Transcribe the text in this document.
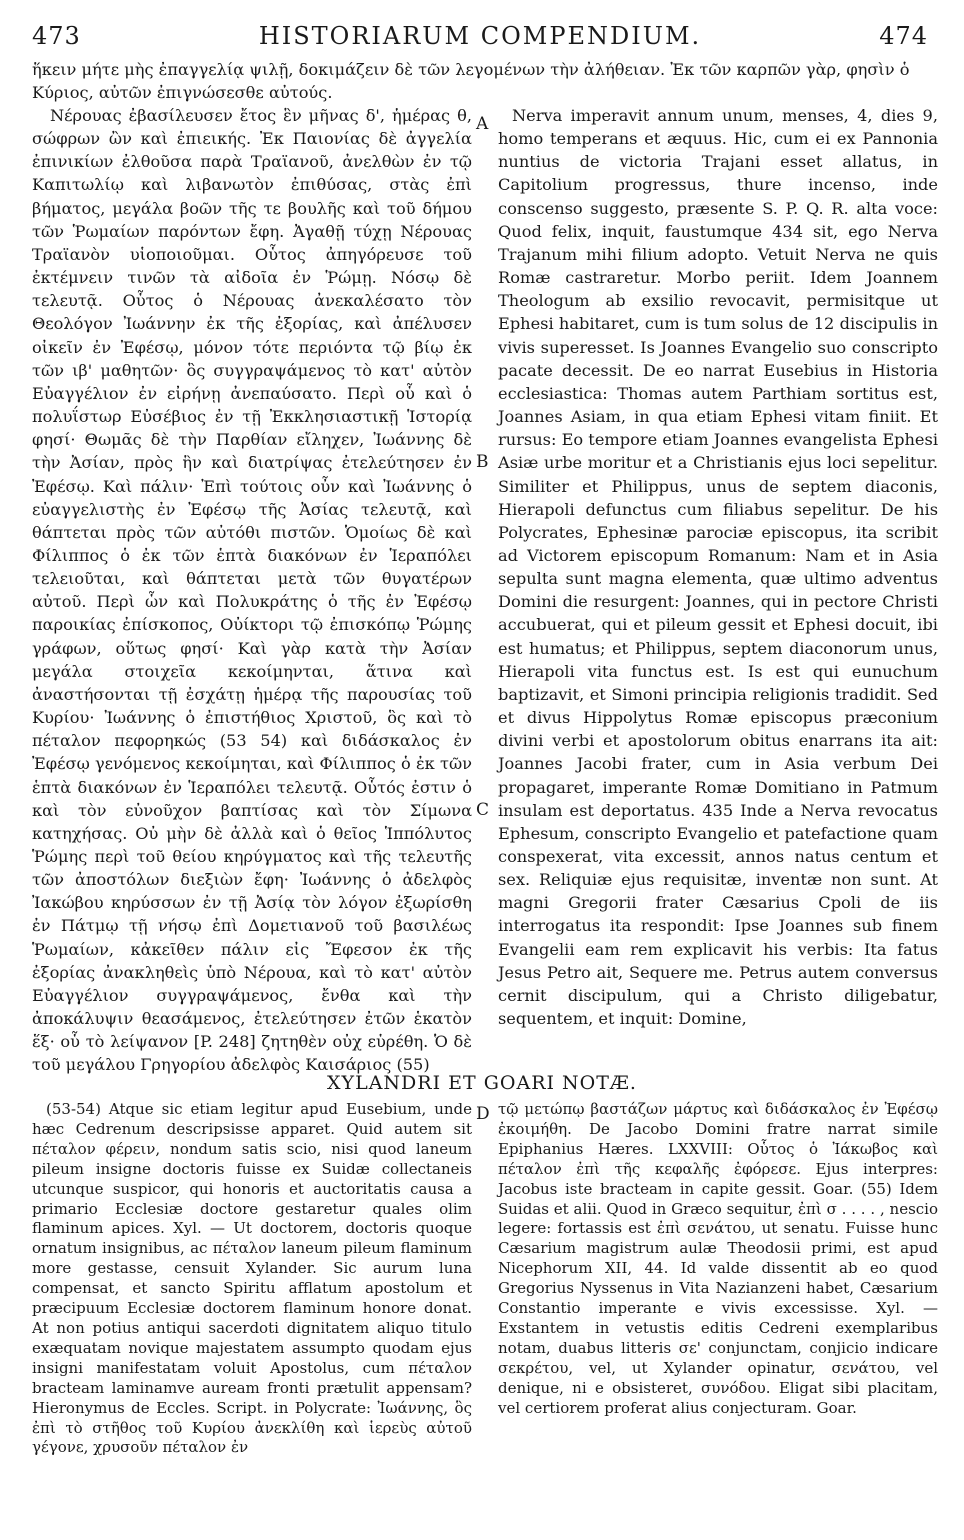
473	HISTORIARUM COMPENDIUM.	474
ἥκειν μήτε μὴς ἐπαγγελίᾳ ψιλῇ, δοκιμάζειν δὲ τῶν λεγομένων τὴν ἀλήθειαν. Ἐκ τῶν καρπῶν γὰρ, φησὶν ὁ Κύριος, αὐτῶν ἐπιγνώσεσθε αὐτούς.

Νέρουας ἐβασίλευσεν ἔτος ἓν μῆνας δ', ἡμέρας θ, σώφρων ὢν καὶ ἐπιεικής. Ἐκ Παιονίας δὲ ἀγγελία ἐπινικίων ἐλθοῦσα παρὰ Τραϊανοῦ, ἀνελθὼν ἐν τῷ Καπιτωλίῳ καὶ λιβανωτὸν ἐπιθύσας, στὰς ἐπὶ βήματος, μεγάλα βοῶν τῆς τε βουλῆς καὶ τοῦ δήμου τῶν Ῥωμαίων παρόντων ἔφη. Ἀγαθῇ τύχῃ Νέρουας Τραϊανὸν υἱοποιοῦμαι. Οὗτος ἀπηγόρευσε τοῦ ἐκτέμνειν τινῶν τὰ αἰδοῖα ἐν Ῥώμῃ. Νόσῳ δὲ τελευτᾷ. Οὗτος ὁ Νέρουας ἀνεκαλέσατο τὸν Θεολόγον Ἰωάννην ἐκ τῆς ἐξορίας, καὶ ἀπέλυσεν οἰκεῖν ἐν Ἐφέσῳ, μόνον τότε περιόντα τῷ βίῳ ἐκ τῶν ιβ' μαθητῶν· ὃς συγγραψάμενος τὸ κατ' αὐτὸν Εὐαγγέλιον ἐν εἰρήνῃ ἀνεπαύσατο. Περὶ οὗ καὶ ὁ πολυΐστωρ Εὐσέβιος ἐν τῇ Ἐκκλησιαστικῇ Ἱστορίᾳ φησί· Θωμᾶς δὲ τὴν Παρθίαν εἴληχεν, Ἰωάννης δὲ τὴν Ἀσίαν, πρὸς ἣν καὶ διατρίψας ἐτελεύτησεν ἐν Ἐφέσῳ. Καὶ πάλιν· Ἐπὶ τούτοις οὖν καὶ Ἰωάννης ὁ εὐαγγελιστὴς ἐν Ἐφέσῳ τῆς Ἀσίας τελευτᾷ, καὶ θάπτεται πρὸς τῶν αὐτόθι πιστῶν. Ὁμοίως δὲ καὶ Φίλιππος ὁ ἐκ τῶν ἑπτὰ διακόνων ἐν Ἱεραπόλει τελειοῦται, καὶ θάπτεται μετὰ τῶν θυγατέρων αὐτοῦ. Περὶ ὧν καὶ Πολυκράτης ὁ τῆς ἐν Ἐφέσῳ παροικίας ἐπίσκοπος, Οὐίκτορι τῷ ἐπισκόπῳ Ῥώμης γράφων, οὕτως φησί· Καὶ γὰρ κατὰ τὴν Ἀσίαν μεγάλα στοιχεῖα κεκοίμηνται, ἅτινα καὶ ἀναστήσονται τῇ ἐσχάτῃ ἡμέρᾳ τῆς παρουσίας τοῦ Κυρίου· Ἰωάννης ὁ ἐπιστήθιος Χριστοῦ, ὃς καὶ τὸ πέταλον πεφορηκώς (53 54) καὶ διδάσκαλος ἐν Ἐφέσῳ γενόμενος κεκοίμηται, καὶ Φίλιππος ὁ ἐκ τῶν ἑπτὰ διακόνων ἐν Ἱεραπόλει τελευτᾷ. Οὗτός ἐστιν ὁ καὶ τὸν εὐνοῦχον βαπτίσας καὶ τὸν Σίμωνα κατηχήσας. Οὐ μὴν δὲ ἀλλὰ καὶ ὁ θεῖος Ἱππόλυτος Ῥώμης περὶ τοῦ θείου κηρύγματος καὶ τῆς τελευτῆς τῶν ἀποστόλων διεξιὼν ἔφη· Ἰωάννης ὁ ἀδελφὸς Ἰακώβου κηρύσσων ἐν τῇ Ἀσίᾳ τὸν λόγον ἐξωρίσθη ἐν Πάτμῳ τῇ νήσῳ ἐπὶ Δομετιανοῦ τοῦ βασιλέως Ῥωμαίων, κἀκεῖθεν πάλιν εἰς Ἔφεσον ἐκ τῆς ἐξορίας ἀνακληθεὶς ὑπὸ Νέρουα, καὶ τὸ κατ' αὐτὸν Εὐαγγέλιον συγγραψάμενος, ἔνθα καὶ τὴν ἀποκάλυψιν θεασάμενος, ἐτελεύτησεν ἐτῶν ἑκατὸν ἕξ· οὗ τὸ λείψανον [P. 248] ζητηθὲν οὐχ εὑρέθη. Ὁ δὲ τοῦ μεγάλου Γρηγορίου ἀδελφὸς Καισάριος (55)

Nerva imperavit annum unum, menses, 4, dies 9, homo temperans et æquus. Hic, cum ei ex Pannonia nuntius de victoria Trajani esset allatus, in Capitolium progressus, thure incenso, inde conscenso suggesto, præsente S. P. Q. R. alta voce: Quod felix, inquit, faustumque 434 sit, ego Nerva Trajanum mihi filium adopto. Vetuit Nerva ne quis Romæ castraretur. Morbo periit. Idem Joannem Theologum ab exsilio revocavit, permisitque ut Ephesi habitaret, cum is tum solus de 12 discipulis in vivis superesset. Is Joannes Evangelio suo conscripto pacate decessit. De eo narrat Eusebius in Historia ecclesiastica: Thomas autem Parthiam sortitus est, Joannes Asiam, in qua etiam Ephesi vitam finiit. Et rursus: Eo tempore etiam Joannes evangelista Ephesi Asiæ urbe moritur et a Christianis ejus loci sepelitur. Similiter et Philippus, unus de septem diaconis, Hierapoli defunctus cum filiabus sepelitur. De his Polycrates, Ephesinæ parociæ episcopus, ita scribit ad Victorem episcopum Romanum: Nam et in Asia sepulta sunt magna elementa, quæ ultimo adventus Domini die resurgent: Joannes, qui in pectore Christi accubuerat, qui et pileum gessit et Ephesi docuit, ibi est humatus; et Philippus, septem diaconorum unus, Hierapoli vita functus est. Is est qui eunuchum baptizavit, et Simoni principia religionis tradidit. Sed et divus Hippolytus Romæ episcopus præconium divini verbi et apostolorum obitus enarrans ita ait: Joannes Jacobi frater, cum in Asia verbum Dei propagaret, imperante Romæ Domitiano in Patmum insulam est deportatus. 435 Inde a Nerva revocatus Ephesum, conscripto Evangelio et patefactione quam conspexerat, vita excessit, annos natus centum et sex. Reliquiæ ejus requisitæ, inventæ non sunt. At magni Gregorii frater Cæsarius Cpoli de iis interrogatus ita respondit: Ipse Joannes sub finem Evangelii eam rem explicavit his verbis: Ita fatus Jesus Petro ait, Sequere me. Petrus autem conversus cernit discipulum, qui a Christo diligebatur, sequentem, et inquit: Domine,

A
B
C
D
XYLANDRI ET GOARI NOTÆ.

(53-54) Atque sic etiam legitur apud Eusebium, unde hæc Cedrenum descripsisse apparet. Quid autem sit πέταλον φέρειν, nondum satis scio, nisi quod laneum pileum insigne doctoris fuisse ex Suidæ collectaneis utcunque suspicor, qui honoris et auctoritatis causa a primario Ecclesiæ doctore gestaretur quales olim flaminum apices. Xyl. — Ut doctorem, doctoris quoque ornatum insignibus, ac πέταλον laneum pileum flaminum more gestasse, censuit Xylander. Sic aurum luna compensat, et sancto Spiritu afflatum apostolum et præcipuum Ecclesiæ doctorem flaminum honore donat. At non potius antiqui sacerdoti dignitatem aliquo titulo exæquatam novique majestatem assumpto quodam ejus insigni manifestatam voluit Apostolus, cum πέταλον bracteam laminamve auream fronti prætulit appensam? Hieronymus de Eccles. Script. in Polycrate: Ἰωάννης, ὃς ἐπὶ τὸ στῆθος τοῦ Κυρίου ἀνεκλίθη καὶ ἱερεὺς αὐτοῦ γέγονε, χρυσοῦν πέταλον ἐν

τῷ μετώπῳ βαστάζων μάρτυς καὶ διδάσκαλος ἐν Ἐφέσῳ ἐκοιμήθη. De Jacobo Domini fratre narrat simile Epiphanius Hæres. LXXVIII: Οὗτος ὁ Ἰάκωβος καὶ πέταλον ἐπὶ τῆς κεφαλῆς ἐφόρεσε. Ejus interpres: Jacobus iste bracteam in capite gessit. Goar. (55) Idem Suidas et alii. Quod in Græco sequitur, ἐπὶ σ . . . . , nescio legere: fortassis est ἐπὶ σενάτου, ut senatu. Fuisse hunc Cæsarium magistrum aulæ Theodosii primi, est apud Nicephorum XII, 44. Id valde dissentit ab eo quod Gregorius Nyssenus in Vita Nazianzeni habet, Cæsarium Constantio imperante e vivis excessisse. Xyl. — Exstantem in vetustis editis Cedreni exemplaribus notam, duabus litteris σε' conjunctam, conjicio indicare σεκρέτου, vel, ut Xylander opinatur, σενάτου, vel denique, ni e obsisteret, συνόδου. Eligat sibi placitam, vel certiorem proferat alius conjecturam. Goar.
